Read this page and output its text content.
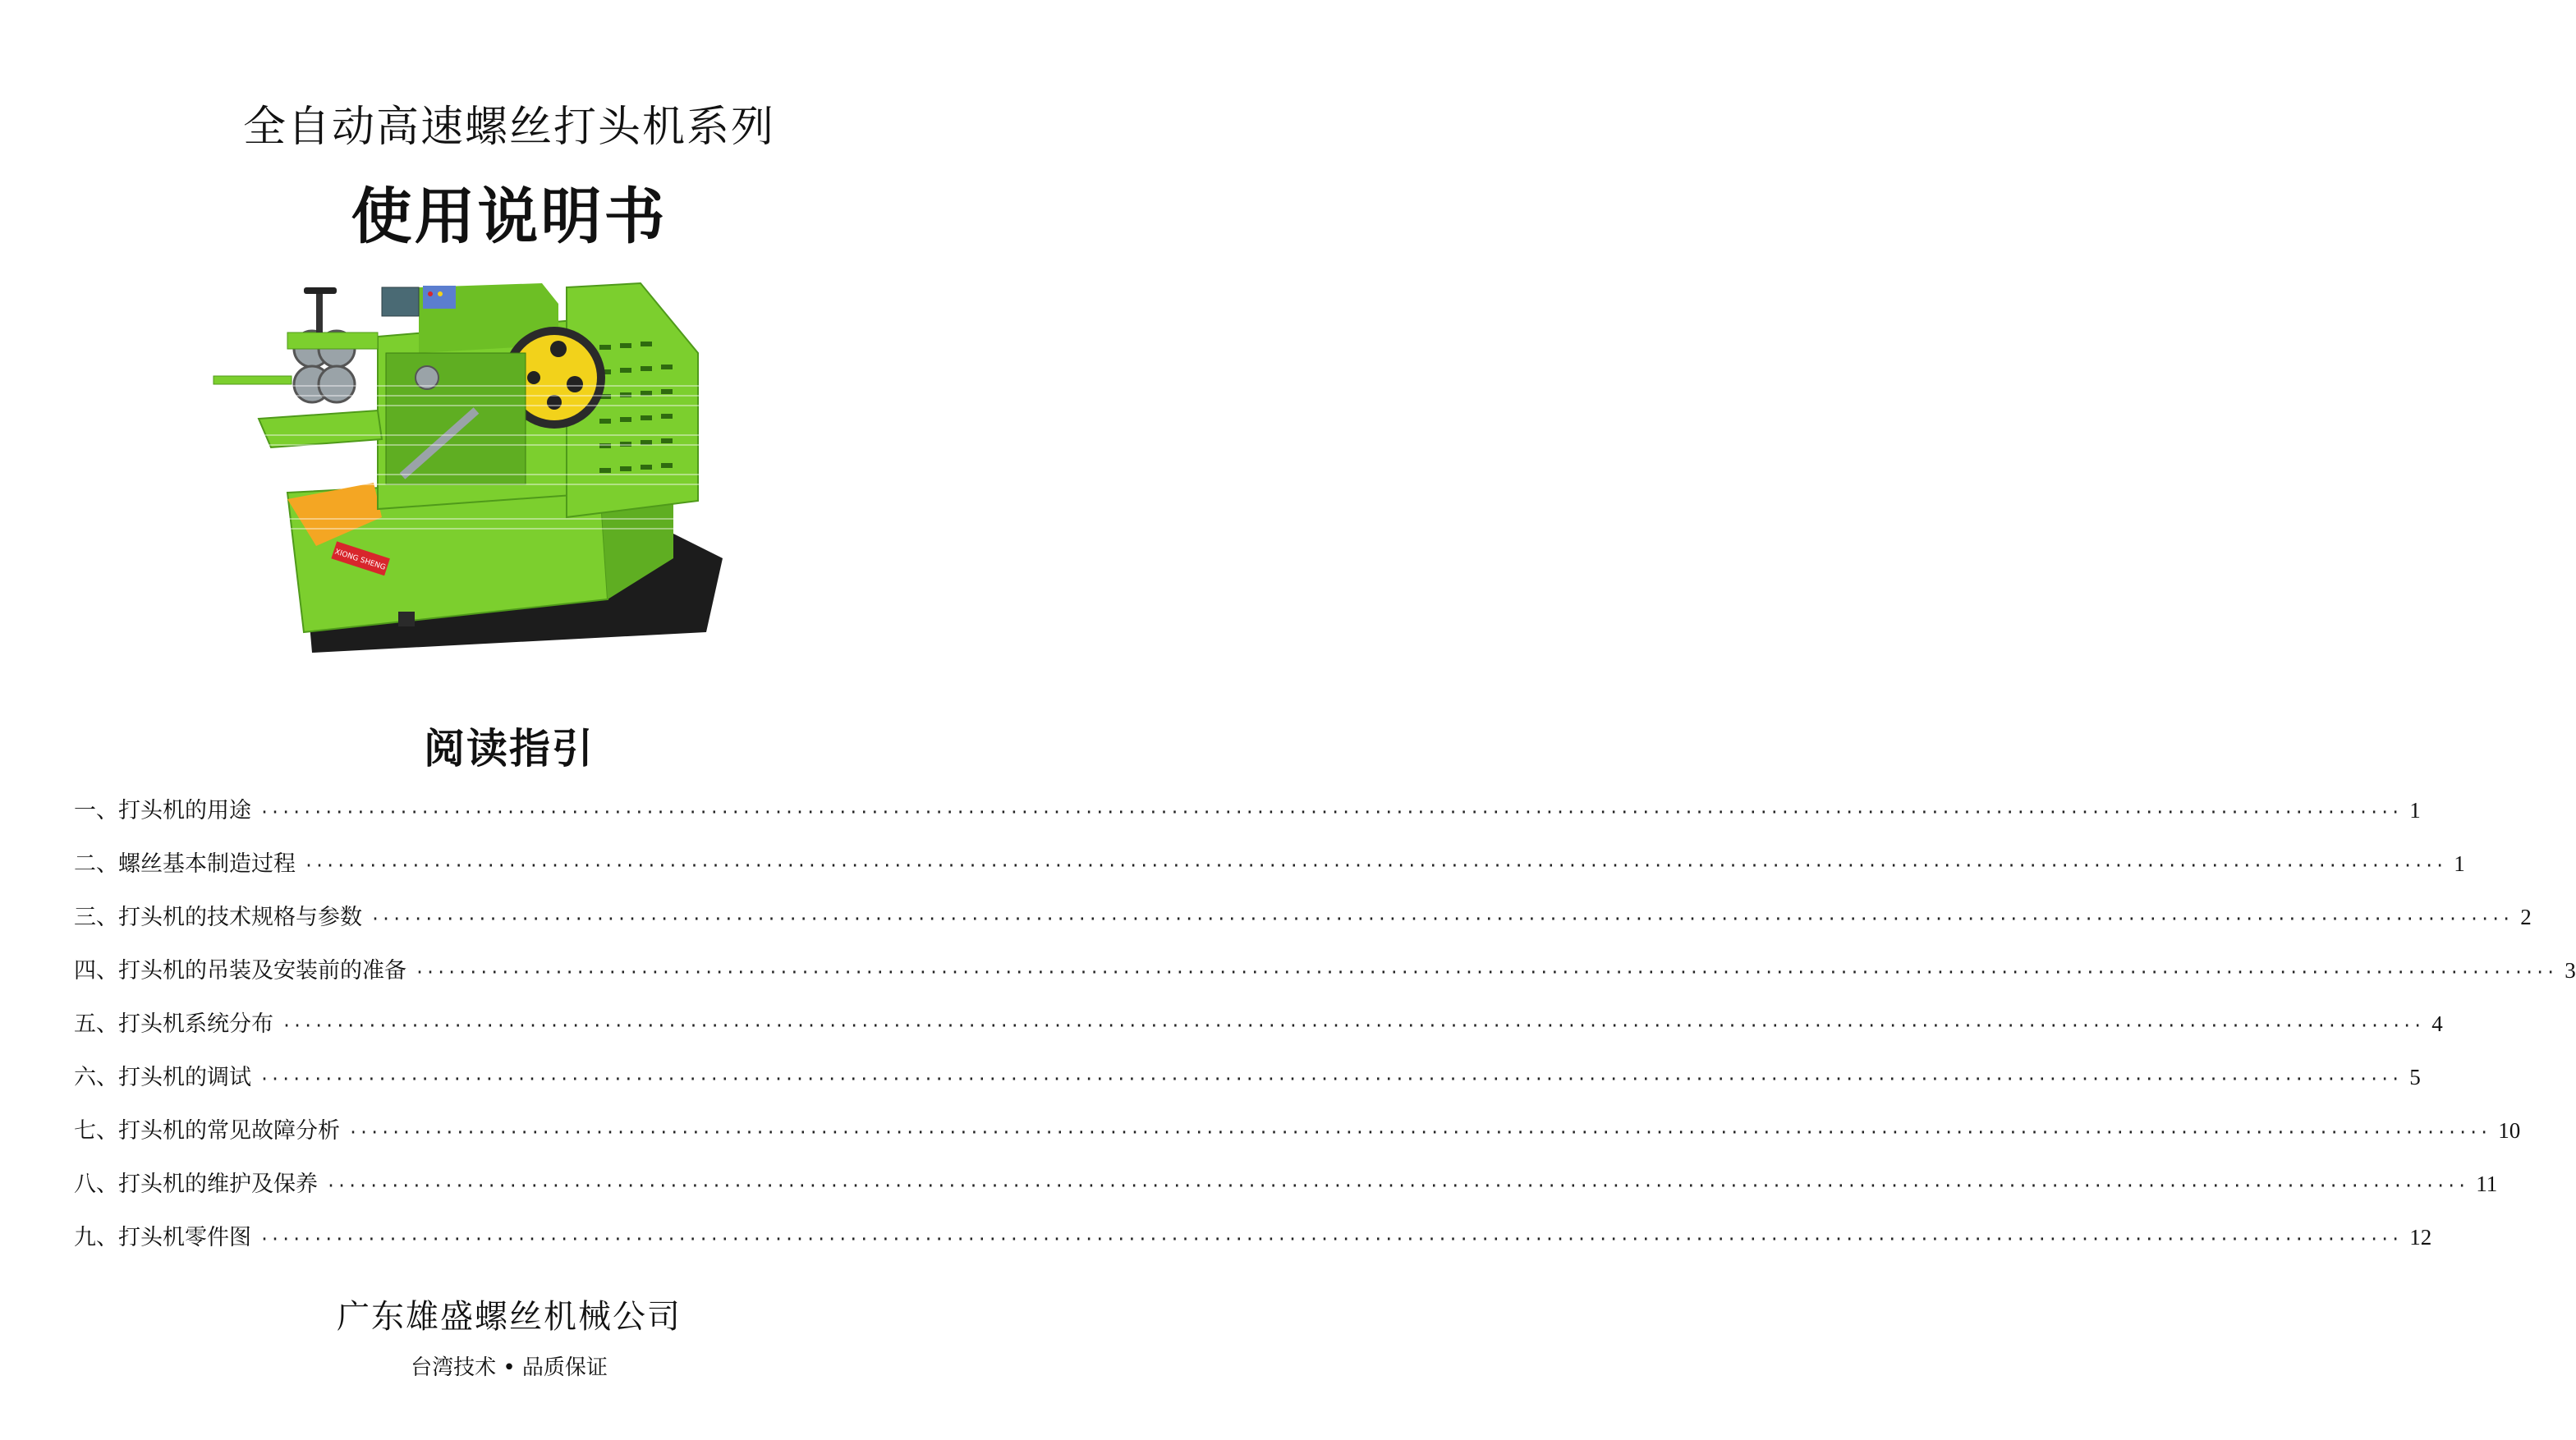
全自动高速螺丝打头机系列
使用说明书
XIONG SHENG
阅读指引
一、打头机的用途 ········································································································································································································ 1
二、螺丝基本制造过程 ········································································································································································································ 1
三、打头机的技术规格与参数 ········································································································································································································ 2
四、打头机的吊装及安装前的准备 ········································································································································································································ 3
五、打头机系统分布 ········································································································································································································ 4
六、打头机的调试 ········································································································································································································ 5
七、打头机的常见故障分析 ········································································································································································································ 10
八、打头机的维护及保养 ········································································································································································································ 11
九、打头机零件图 ········································································································································································································ 12
广东雄盛螺丝机械公司
台湾技术 • 品质保证
